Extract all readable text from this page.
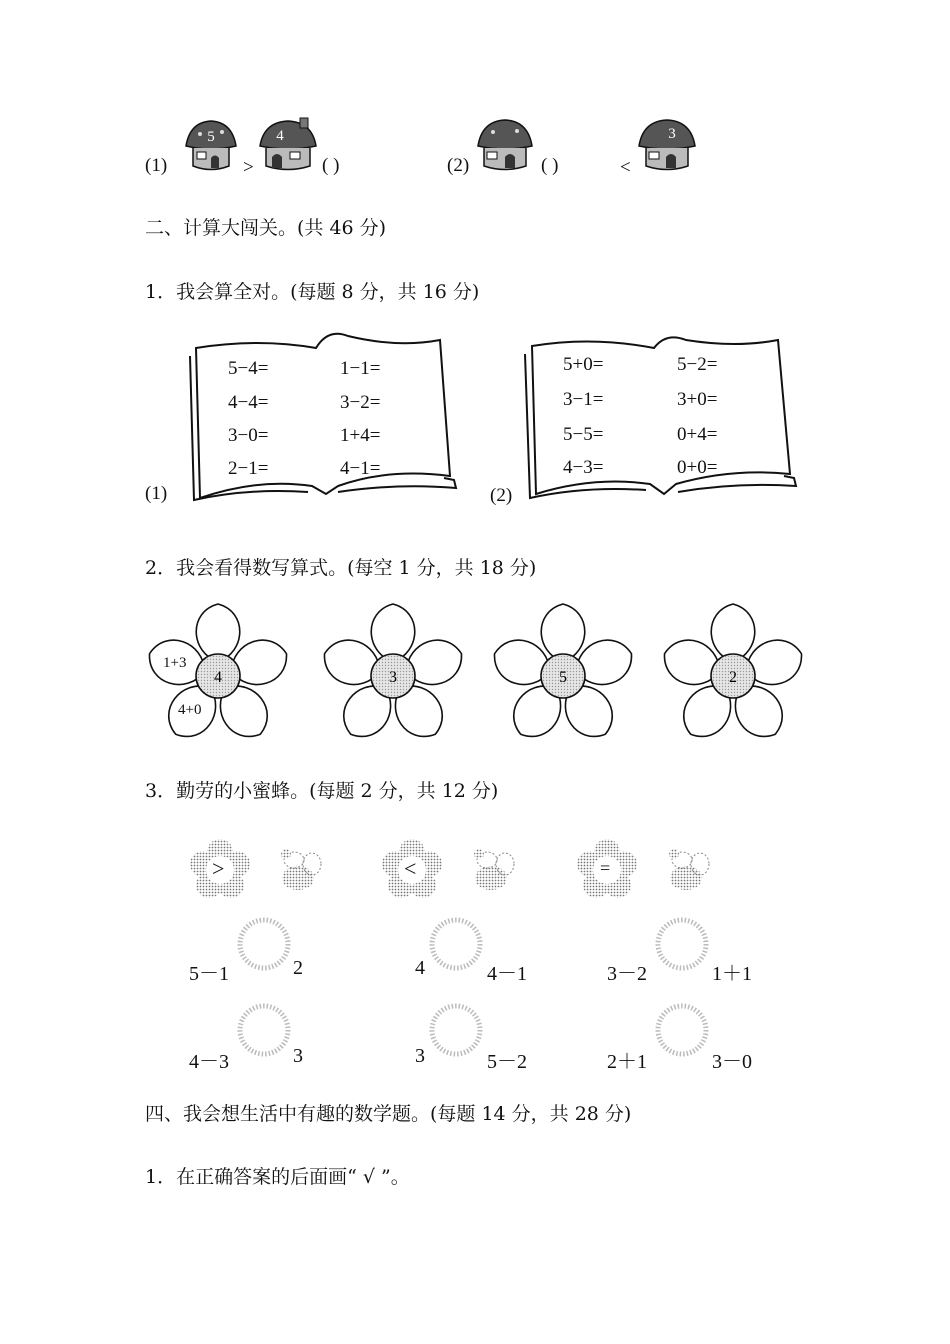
(1)
5
>
4
( )	(2)	( )	<
3
二、计算大闯关。(共 46 分)
1．我会算全对。(每题 8 分，共 16 分)
(1)
5−4=	1−1=
4−4=	3−2=
3−0=	1+4=
2−1=	4−1=
(2)
5+0=	5−2=
3−1=	3+0=
5−5=	0+4=
4−3=	0+0=
2．我会看得数写算式。(每空 1 分，共 18 分)
4	3	5	2
1+3
4+0
3．勤劳的小蜜蜂。(每题 2 分，共 12 分)
>	<	=
5－1	2	4	4－1	3－2	1＋1
4－3	3	3	5－2	2＋1	3－0
四、我会想生活中有趣的数学题。(每题 14 分，共 28 分)
1．在正确答案的后面画“ √ ”。
